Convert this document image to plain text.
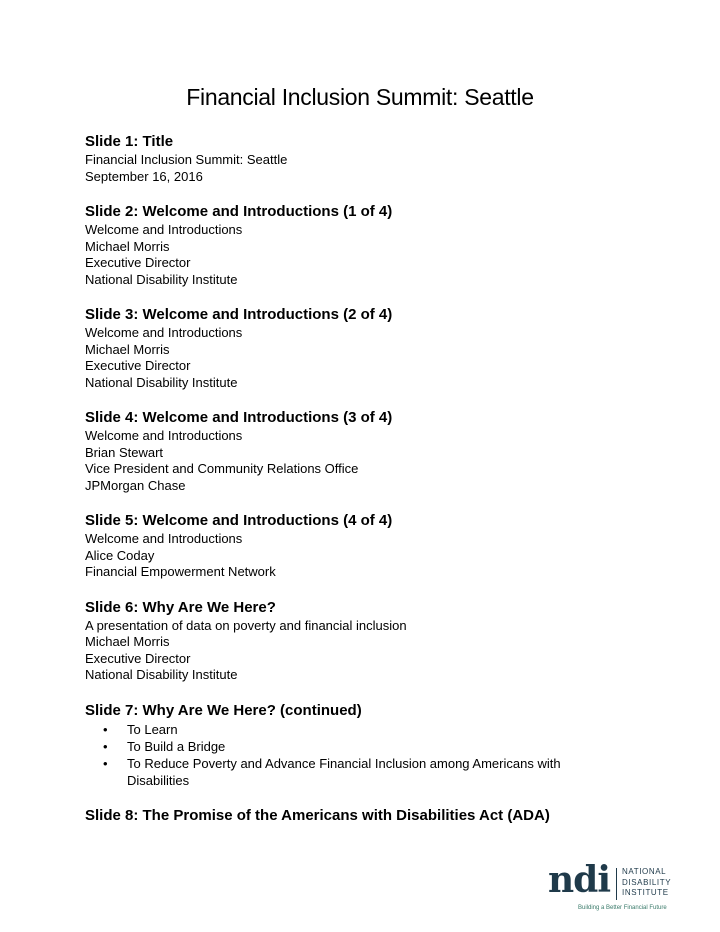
Financial Inclusion Summit: Seattle

Slide 1: Title

Financial Inclusion Summit: Seattle

September 16, 2016

Slide 2: Welcome and Introductions (1 of 4)

Welcome and Introductions

Michael Morris

Executive Director

National Disability Institute

Slide 3: Welcome and Introductions (2 of 4)

Welcome and Introductions

Michael Morris

Executive Director

National Disability Institute

Slide 4: Welcome and Introductions (3 of 4)

Welcome and Introductions

Brian Stewart

Vice President and Community Relations Office

JPMorgan Chase

Slide 5: Welcome and Introductions (4 of 4)

Welcome and Introductions

Alice Coday

Financial Empowerment Network

Slide 6: Why Are We Here?

A presentation of data on poverty and financial inclusion

Michael Morris

Executive Director

National Disability Institute

Slide 7: Why Are We Here? (continued)

• To Learn
• To Build a Bridge
• To Reduce Poverty and Advance Financial Inclusion among Americans with Disabilities

Slide 8: The Promise of the Americans with Disabilities Act (ADA)

ndi NATIONAL
DISABILITY
INSTITUTE
Building a Better Financial Future
